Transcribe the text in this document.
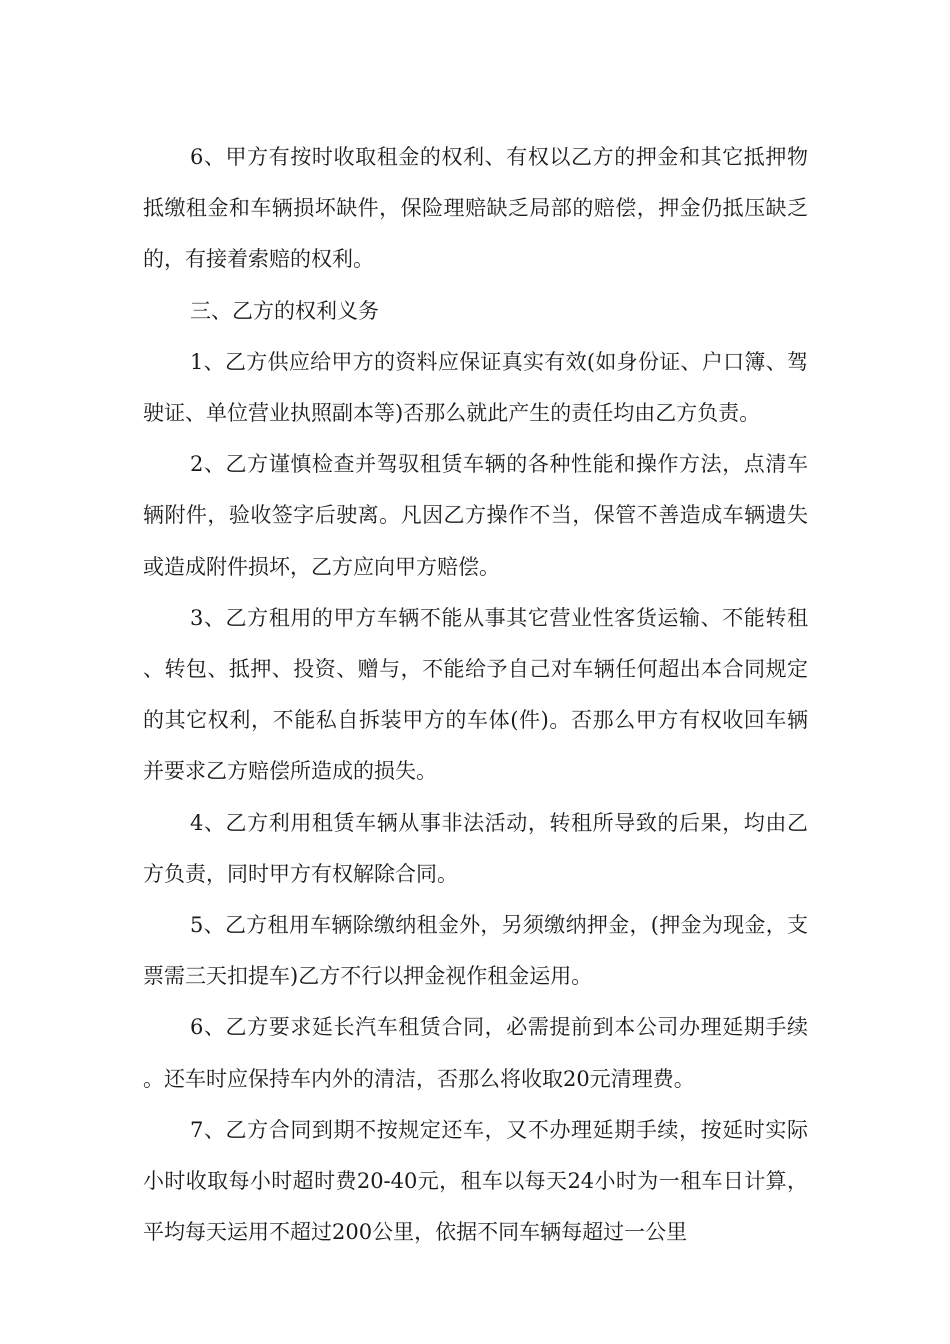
6、甲方有按时收取租金的权利、有权以乙方的押金和其它抵押物抵缴租金和车辆损坏缺件，保险理赔缺乏局部的赔偿，押金仍抵压缺乏的，有接着索赔的权利。

三、乙方的权利义务

1、乙方供应给甲方的资料应保证真实有效(如身份证、户口簿、驾驶证、单位营业执照副本等)否那么就此产生的责任均由乙方负责。

2、乙方谨慎检查并驾驭租赁车辆的各种性能和操作方法，点清车辆附件，验收签字后驶离。凡因乙方操作不当，保管不善造成车辆遗失或造成附件损坏，乙方应向甲方赔偿。

3、乙方租用的甲方车辆不能从事其它营业性客货运输、不能转租、转包、抵押、投资、赠与，不能给予自己对车辆任何超出本合同规定的其它权利，不能私自拆装甲方的车体(件)。否那么甲方有权收回车辆并要求乙方赔偿所造成的损失。

4、乙方利用租赁车辆从事非法活动，转租所导致的后果，均由乙方负责，同时甲方有权解除合同。

5、乙方租用车辆除缴纳租金外，另须缴纳押金，(押金为现金，支票需三天扣提车)乙方不行以押金视作租金运用。

6、乙方要求延长汽车租赁合同，必需提前到本公司办理延期手续。还车时应保持车内外的清洁，否那么将收取20元清理费。

7、乙方合同到期不按规定还车，又不办理延期手续，按延时实际小时收取每小时超时费20-40元，租车以每天24小时为一租车日计算，平均每天运用不超过200公里，依据不同车辆每超过一公里
